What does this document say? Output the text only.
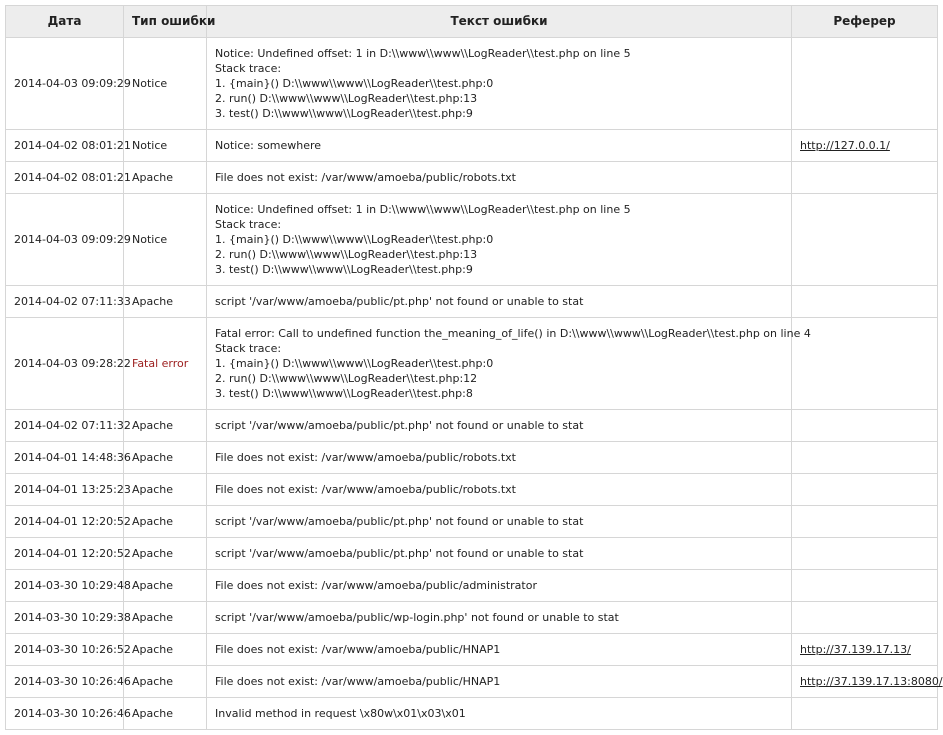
Дата	Тип ошибки	Текст ошибки	Реферер
2014-04-03 09:09:29	Notice	Notice: Undefined offset: 1 in D:\\www\\www\\LogReader\\test.php on line 5
Stack trace:
1. {main}() D:\\www\\www\\LogReader\\test.php:0
2. run() D:\\www\\www\\LogReader\\test.php:13
3. test() D:\\www\\www\\LogReader\\test.php:9	

2014-04-02 08:01:21	Notice	Notice: somewhere	http://127.0.0.1/
2014-04-02 08:01:21	Apache	File does not exist: /var/www/amoeba/public/robots.txt	

2014-04-03 09:09:29	Notice	Notice: Undefined offset: 1 in D:\\www\\www\\LogReader\\test.php on line 5
Stack trace:
1. {main}() D:\\www\\www\\LogReader\\test.php:0
2. run() D:\\www\\www\\LogReader\\test.php:13
3. test() D:\\www\\www\\LogReader\\test.php:9	

2014-04-02 07:11:33	Apache	script '/var/www/amoeba/public/pt.php' not found or unable to stat	

2014-04-03 09:28:22	Fatal error	Fatal error: Call to undefined function the_meaning_of_life() in D:\\www\\www\\LogReader\\test.php on line 4
Stack trace:
1. {main}() D:\\www\\www\\LogReader\\test.php:0
2. run() D:\\www\\www\\LogReader\\test.php:12
3. test() D:\\www\\www\\LogReader\\test.php:8	

2014-04-02 07:11:32	Apache	script '/var/www/amoeba/public/pt.php' not found or unable to stat	

2014-04-01 14:48:36	Apache	File does not exist: /var/www/amoeba/public/robots.txt	

2014-04-01 13:25:23	Apache	File does not exist: /var/www/amoeba/public/robots.txt	

2014-04-01 12:20:52	Apache	script '/var/www/amoeba/public/pt.php' not found or unable to stat	

2014-04-01 12:20:52	Apache	script '/var/www/amoeba/public/pt.php' not found or unable to stat	

2014-03-30 10:29:48	Apache	File does not exist: /var/www/amoeba/public/administrator	

2014-03-30 10:29:38	Apache	script '/var/www/amoeba/public/wp-login.php' not found or unable to stat	

2014-03-30 10:26:52	Apache	File does not exist: /var/www/amoeba/public/HNAP1	http://37.139.17.13/
2014-03-30 10:26:46	Apache	File does not exist: /var/www/amoeba/public/HNAP1	http://37.139.17.13:8080/
2014-03-30 10:26:46	Apache	Invalid method in request \x80w\x01\x03\x01	
